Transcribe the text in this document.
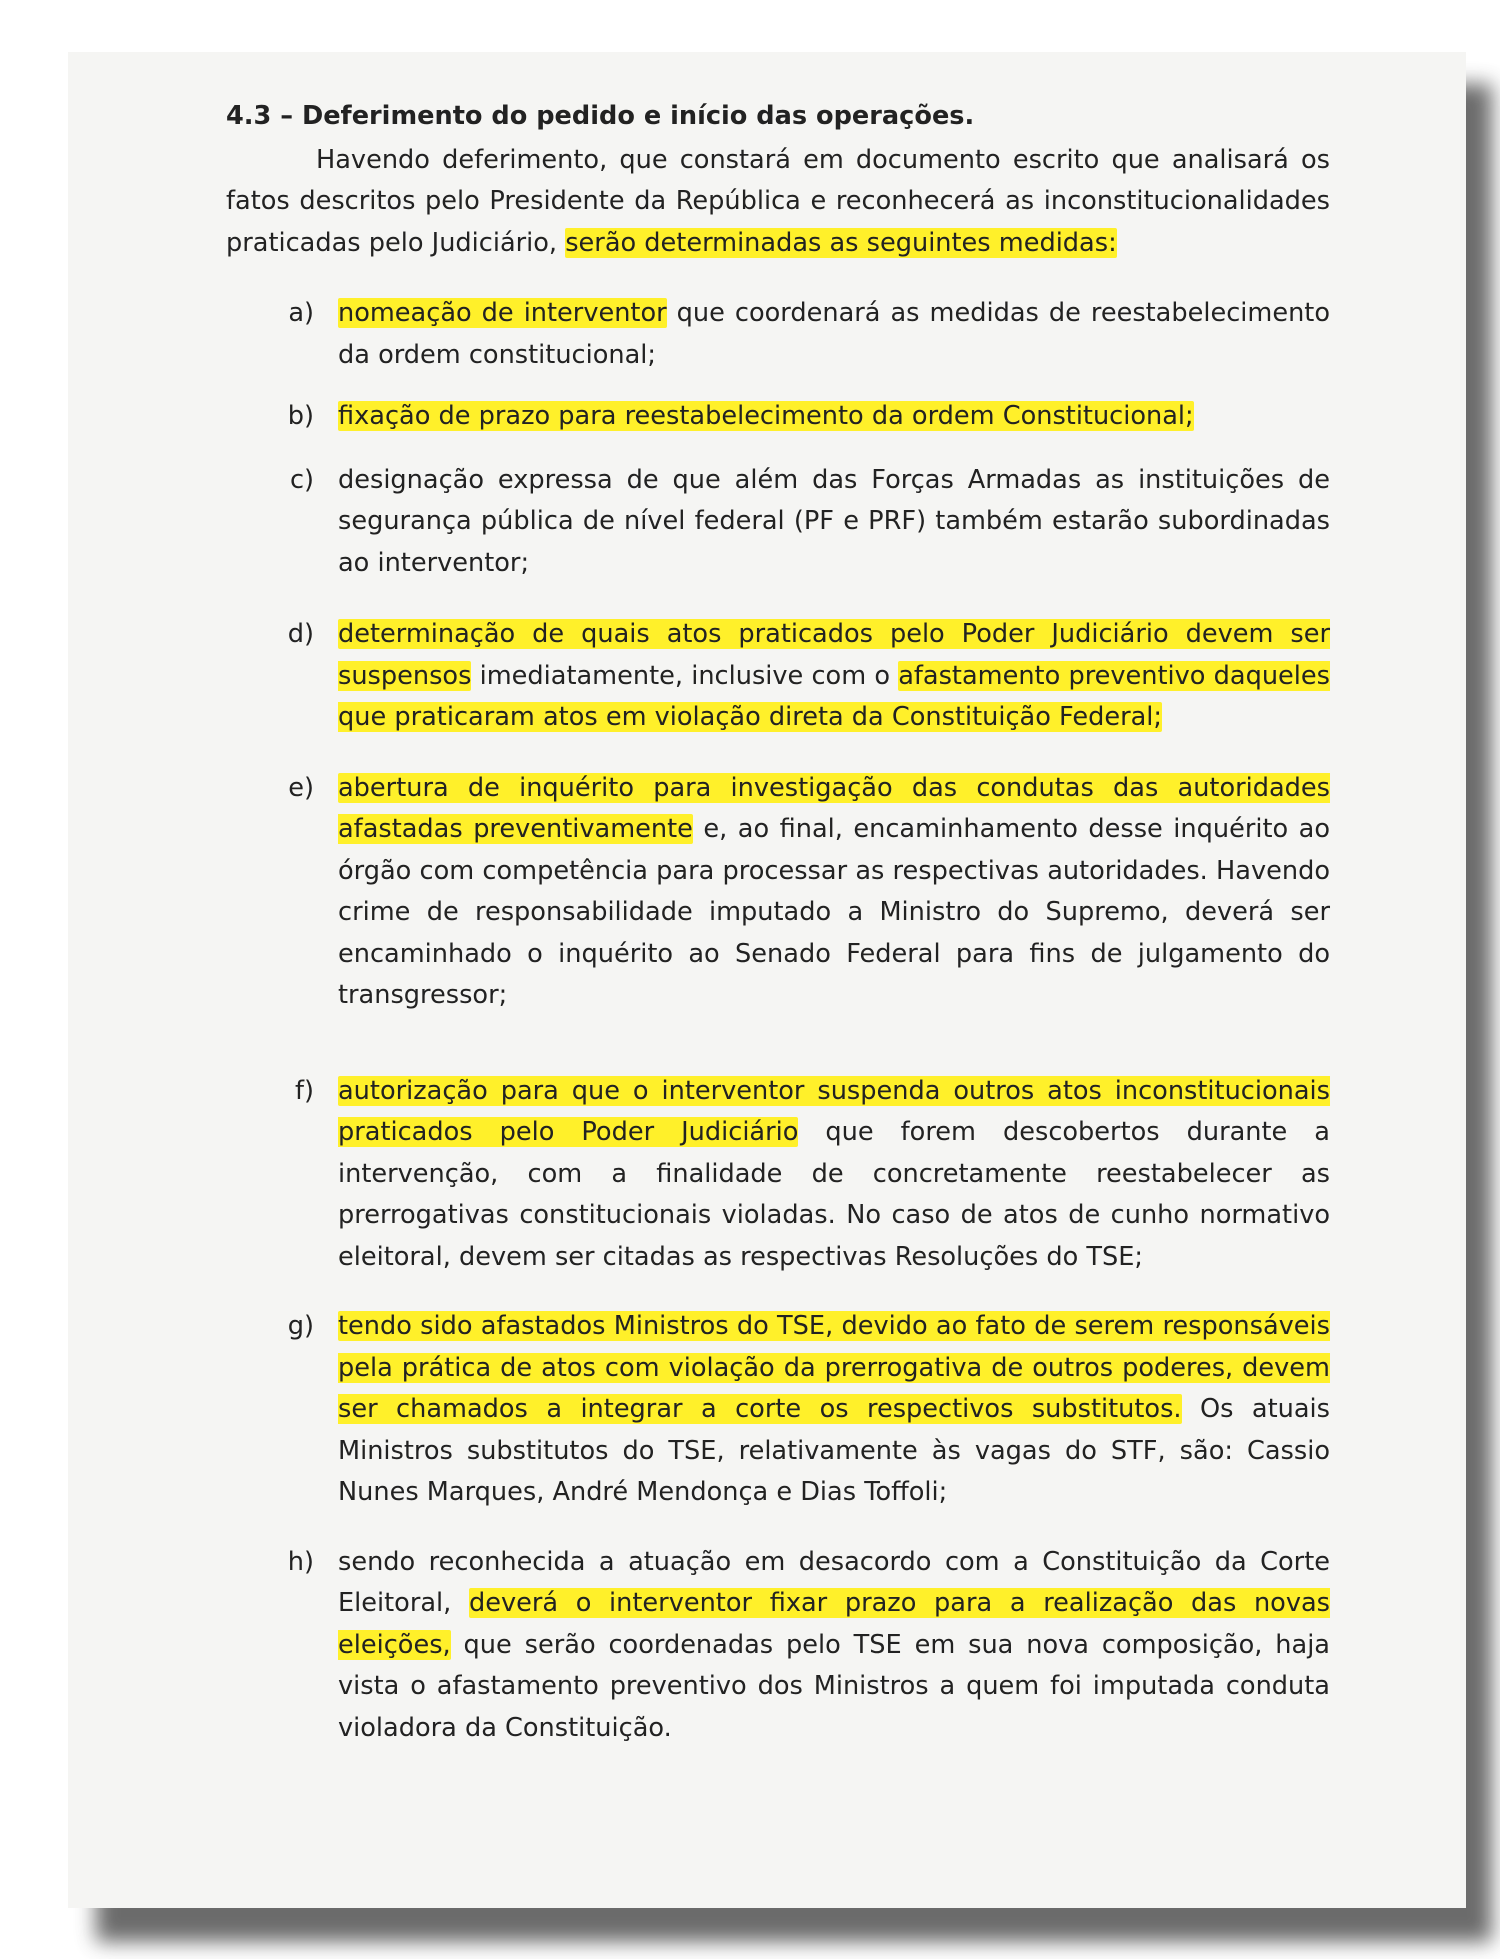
4.3 – Deferimento do pedido e início das operações.

Havendo deferimento, que constará em documento escrito que analisará os fatos descritos pelo Presidente da República e reconhecerá as inconstitucionalidades praticadas pelo Judiciário, serão determinadas as seguintes medidas:

a) nomeação de interventor que coordenará as medidas de reestabelecimento da ordem constitucional;
b) fixação de prazo para reestabelecimento da ordem Constitucional;
c) designação expressa de que além das Forças Armadas as instituições de segurança pública de nível federal (PF e PRF) também estarão subordinadas ao interventor;
d) determinação de quais atos praticados pelo Poder Judiciário devem ser suspensos imediatamente, inclusive com o afastamento preventivo daqueles que praticaram atos em violação direta da Constituição Federal;
e) abertura de inquérito para investigação das condutas das autoridades afastadas preventivamente e, ao final, encaminhamento desse inquérito ao órgão com competência para processar as respectivas autoridades. Havendo crime de responsabilidade imputado a Ministro do Supremo, deverá ser encaminhado o inquérito ao Senado Federal para fins de julgamento do transgressor;
f) autorização para que o interventor suspenda outros atos inconstitucionais praticados pelo Poder Judiciário que forem descobertos durante a intervenção, com a finalidade de concretamente reestabelecer as prerrogativas constitucionais violadas. No caso de atos de cunho normativo eleitoral, devem ser citadas as respectivas Resoluções do TSE;
g) tendo sido afastados Ministros do TSE, devido ao fato de serem responsáveis pela prática de atos com violação da prerrogativa de outros poderes, devem ser chamados a integrar a corte os respectivos substitutos. Os atuais Ministros substitutos do TSE, relativamente às vagas do STF, são: Cassio Nunes Marques, André Mendonça e Dias Toffoli;
h) sendo reconhecida a atuação em desacordo com a Constituição da Corte Eleitoral, deverá o interventor fixar prazo para a realização das novas eleições, que serão coordenadas pelo TSE em sua nova composição, haja vista o afastamento preventivo dos Ministros a quem foi imputada conduta violadora da Constituição.
